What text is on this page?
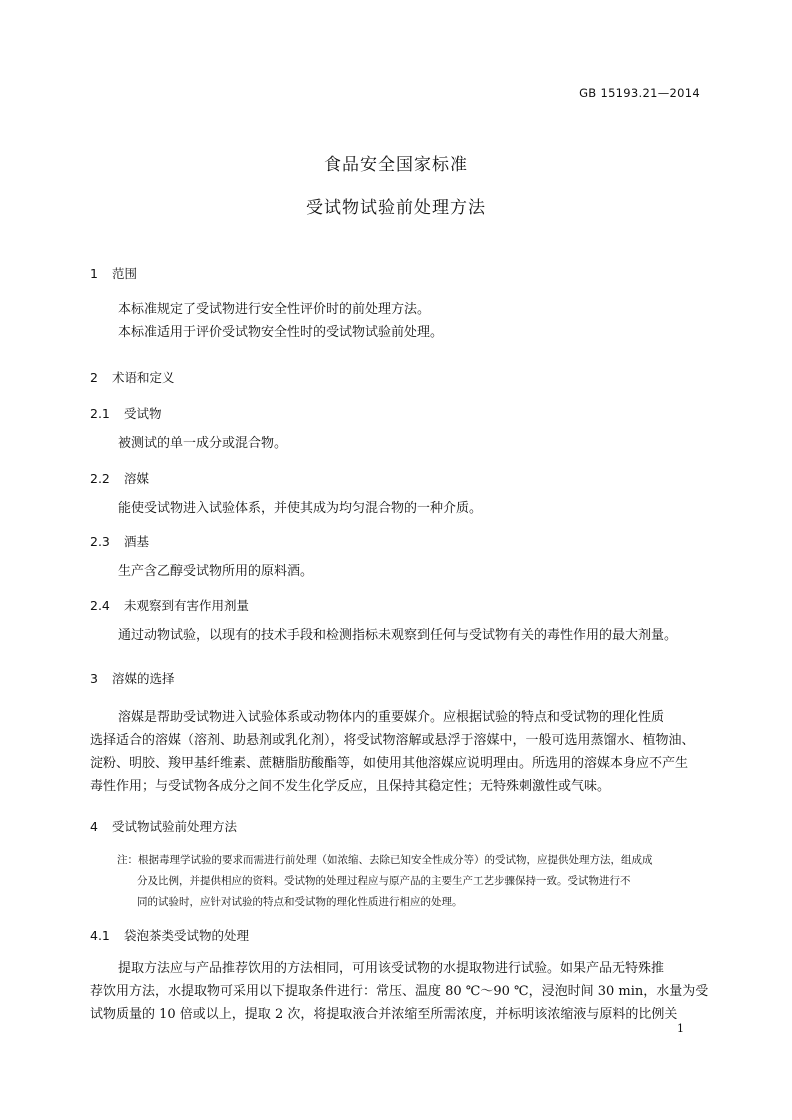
GB 15193.21—2014
食品安全国家标准
受试物试验前处理方法
1 范围
本标准规定了受试物进行安全性评价时的前处理方法。
本标准适用于评价受试物安全性时的受试物试验前处理。
2 术语和定义
2.1 受试物
被测试的单一成分或混合物。
2.2 溶媒
能使受试物进入试验体系，并使其成为均匀混合物的一种介质。
2.3 酒基
生产含乙醇受试物所用的原料酒。
2.4 未观察到有害作用剂量
通过动物试验，以现有的技术手段和检测指标未观察到任何与受试物有关的毒性作用的最大剂量。
3 溶媒的选择
溶媒是帮助受试物进入试验体系或动物体内的重要媒介。应根据试验的特点和受试物的理化性质
选择适合的溶媒（溶剂、助悬剂或乳化剂），将受试物溶解或悬浮于溶媒中，一般可选用蒸馏水、植物油、
淀粉、明胶、羧甲基纤维素、蔗糖脂肪酸酯等，如使用其他溶媒应说明理由。所选用的溶媒本身应不产生
毒性作用；与受试物各成分之间不发生化学反应，且保持其稳定性；无特殊刺激性或气味。
4 受试物试验前处理方法
注：根据毒理学试验的要求而需进行前处理（如浓缩、去除已知安全性成分等）的受试物，应提供处理方法，组成成
分及比例，并提供相应的资料。受试物的处理过程应与原产品的主要生产工艺步骤保持一致。受试物进行不
同的试验时，应针对试验的特点和受试物的理化性质进行相应的处理。
4.1 袋泡茶类受试物的处理
提取方法应与产品推荐饮用的方法相同，可用该受试物的水提取物进行试验。如果产品无特殊推
荐饮用方法，水提取物可采用以下提取条件进行：常压、温度 80 ℃～90 ℃，浸泡时间 30 min，水量为受
试物质量的 10 倍或以上，提取 2 次，将提取液合并浓缩至所需浓度，并标明该浓缩液与原料的比例关
1
